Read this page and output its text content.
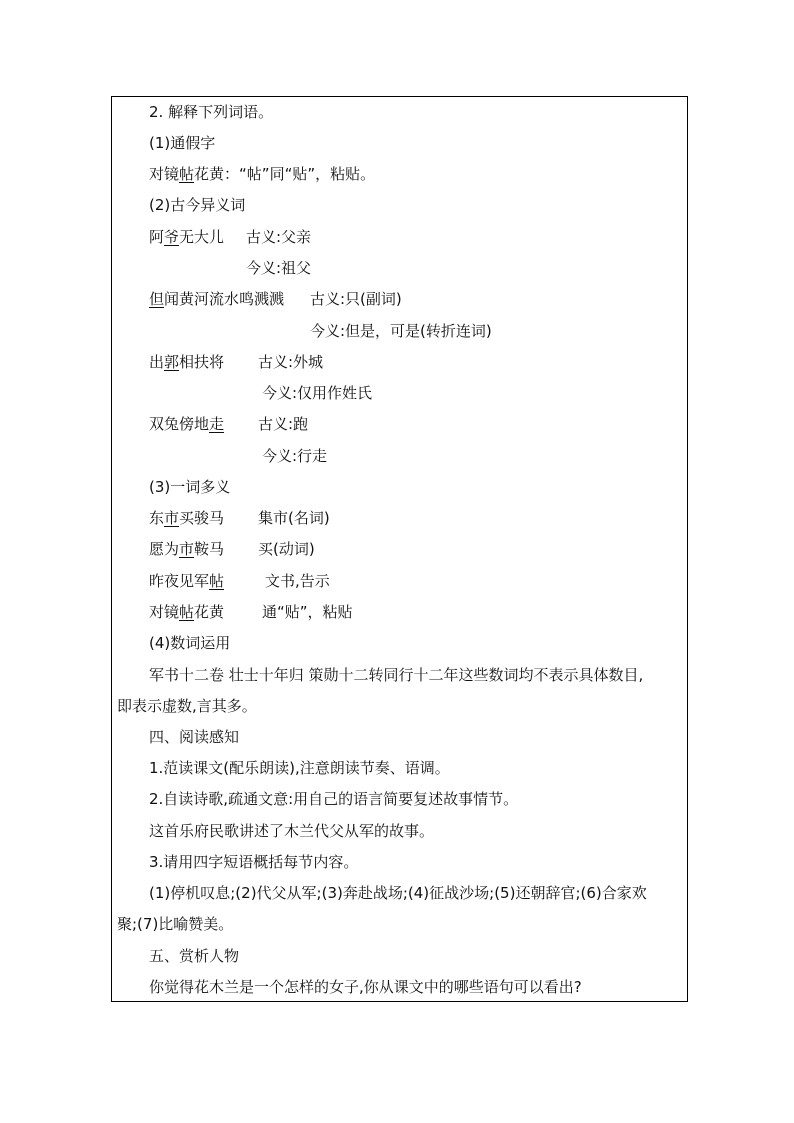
2. 解释下列词语。
(1)通假字
对镜帖花黄：“帖”同“贴”，粘贴。
(2)古今异义词
阿爷无大儿 古义:父亲
今义:祖父
但闻黄河流水鸣溅溅 古义:只(副词)
今义:但是，可是(转折连词)
出郭相扶将 古义:外城
今义:仅用作姓氏
双兔傍地走 古义:跑
今义:行走
(3)一词多义
东市买骏马 集市(名词)
愿为市鞍马 买(动词)
昨夜见军帖	文书,告示
对镜帖花黄	通“贴”，粘贴
(4)数词运用
军书十二卷 壮士十年归 策勋十二转同行十二年这些数词均不表示具体数目,即表示虚数,言其多。
四、阅读感知
1.范读课文(配乐朗读),注意朗读节奏、语调。
2.自读诗歌,疏通文意:用自己的语言简要复述故事情节。
这首乐府民歌讲述了木兰代父从军的故事。
3.请用四字短语概括每节内容。
(1)停机叹息;(2)代父从军;(3)奔赴战场;(4)征战沙场;(5)还朝辞官;(6)合家欢聚;(7)比喻赞美。
五、赏析人物
你觉得花木兰是一个怎样的女子,你从课文中的哪些语句可以看出?
